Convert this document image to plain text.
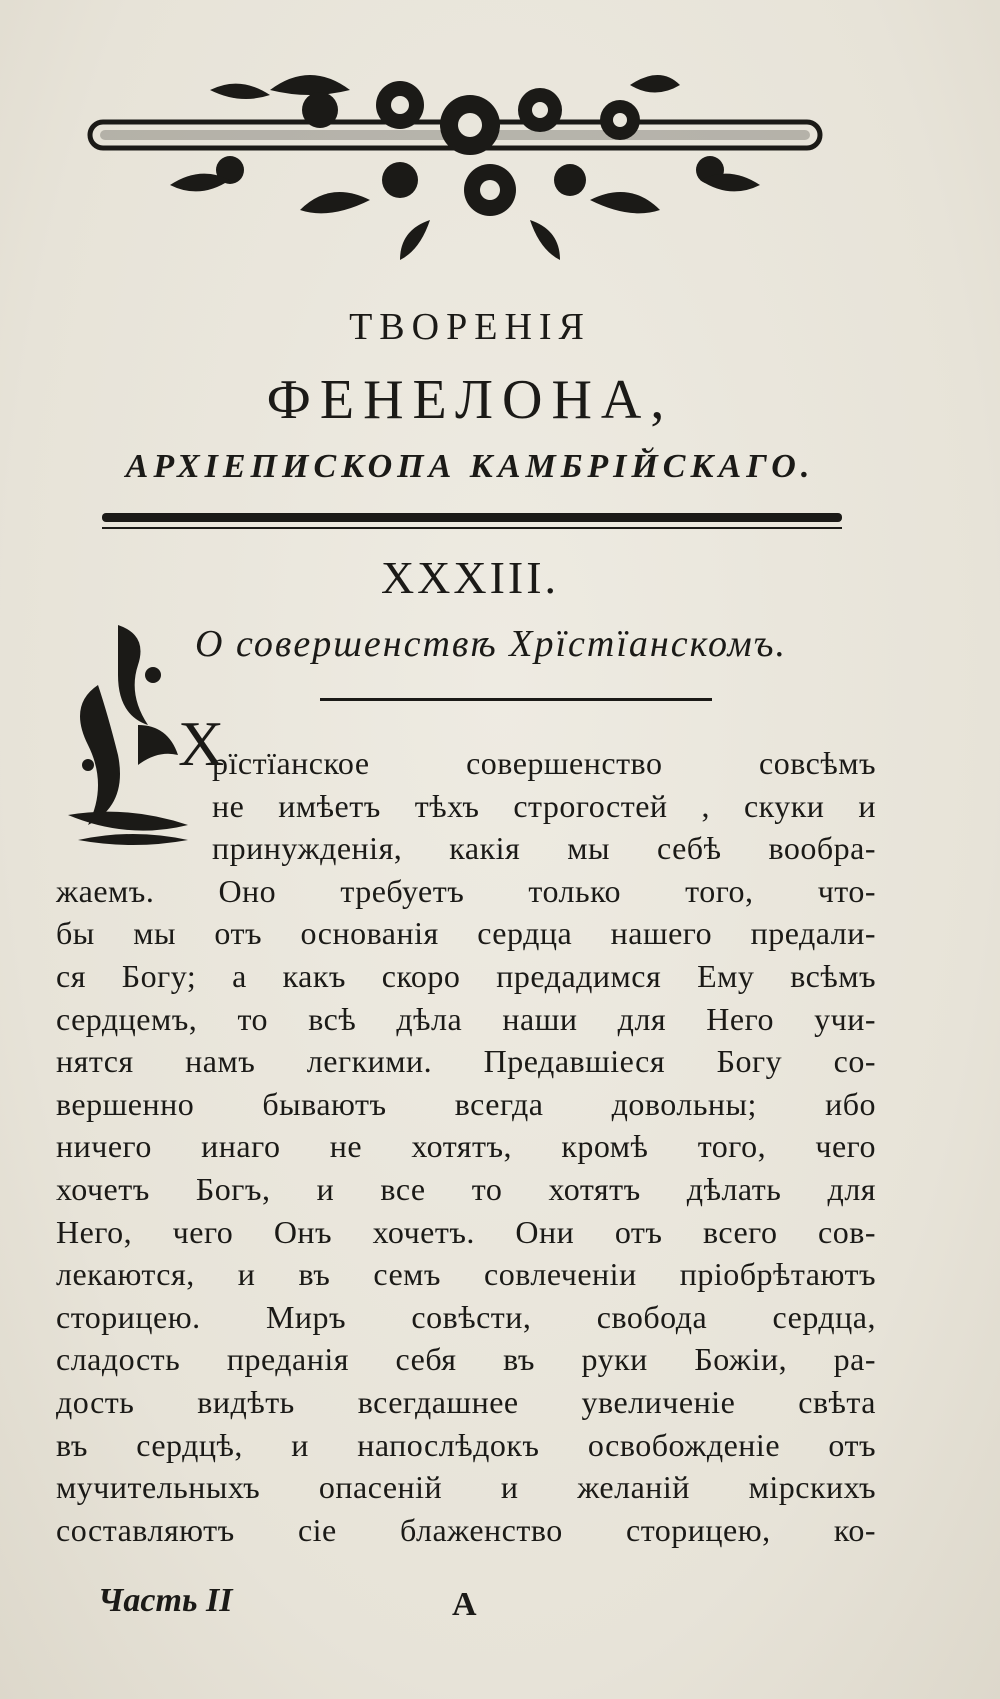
ТВОРЕНІЯ
ФЕНЕЛОНА,
АРХІЕПИСКОПА КАМБРІЙСКАГО.
XXXIII.
О совершенствѣ Хрїстїанскомъ.
Х
рїстїанское совершенство совсѣмъ
не имѣетъ тѣхъ строгостей , скуки и
принужденія, какія мы себѣ вообра-
жаемъ. Оно требуетъ только того, что-
бы мы отъ основанія сердца нашего предали-
ся Богу; а какъ скоро предадимся Ему всѣмъ
сердцемъ, то всѣ дѣла наши для Него учи-
нятся намъ легкими. Предавшіеся Богу со-
вершенно бываютъ всегда довольны; ибо
ничего инаго не хотятъ, кромѣ того, чего
хочетъ Богъ, и все то хотятъ дѣлать для
Него, чего Онъ хочетъ. Они отъ всего сов-
лекаются, и въ семъ совлеченіи пріобрѣтаютъ
сторицею. Миръ совѣсти, свобода сердца,
сладость преданія себя въ руки Божіи, ра-
дость видѣть всегдашнее увеличеніе свѣта
въ сердцѣ, и напослѣдокъ освобожденіе отъ
мучительныхъ опасеній и желаній мірскихъ
составляютъ сіе блаженство сторицею, ко-
Часть II	А
